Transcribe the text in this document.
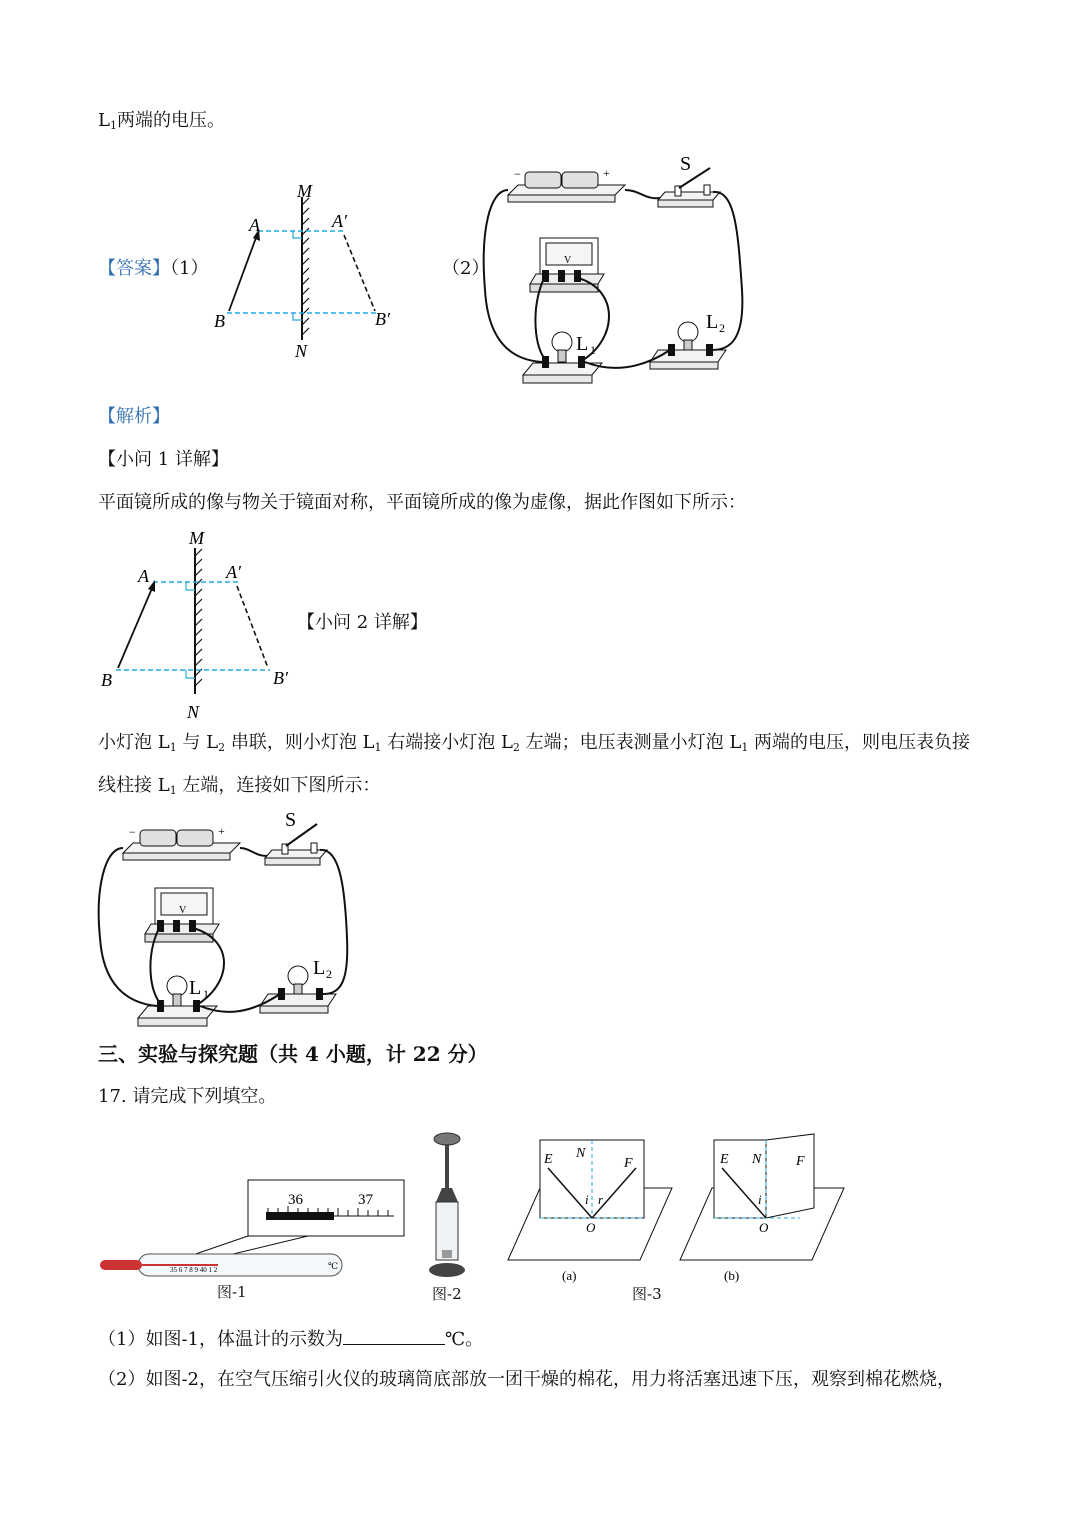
$L_1$两端的电压。
【答案】（1）	（2）
M
N
A	A′
B	B′
−	+	S
V
L 1
L 2
【解析】
【小问 1 详解】
平面镜所成的像与物关于镜面对称，平面镜所成的像为虚像，据此作图如下所示：
M
N
A	A′
B	B′
【小问 2 详解】
小灯泡 $L_1$ 与 $L_2$ 串联，则小灯泡 $L_1$ 右端接小灯泡 $L_2$ 左端；电压表测量小灯泡 $L_1$ 两端的电压，则电压表负接
线柱接 $L_1$ 左端，连接如下图所示：
−	+	S
V
L 1
L 2
三、实验与探究题（共 4 小题，计 22 分）
17. 请完成下列填空。
36	37
35 6 7 8 9 40 1 2	℃
图-1	图-2
E N
F
O
i r
(a)
E N F
O
i
(b)
图-3
（1）如图-1，体温计的示数为	℃。
（2）如图-2，在空气压缩引火仪的玻璃筒底部放一团干燥的棉花，用力将活塞迅速下压，观察到棉花燃烧，
